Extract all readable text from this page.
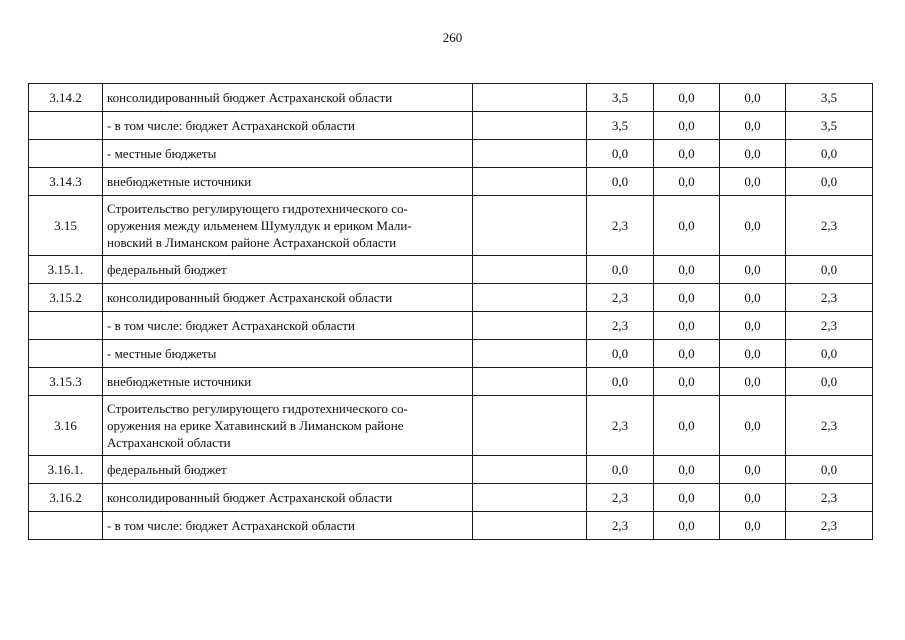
260
3.14.2	консолидированный бюджет Астраханской области		3,5	0,0	0,0	3,5

	- в том числе: бюджет Астраханской области		3,5	0,0	0,0	3,5

	- местные бюджеты		0,0	0,0	0,0	0,0
3.14.3	внебюджетные источники		0,0	0,0	0,0	0,0
3.15	Строительство регулирующего гидротехнического со-
оружения между ильменем Шумулдук и ериком Мали-
новский в Лиманском районе Астраханской области		2,3	0,0	0,0	2,3
3.15.1.	федеральный бюджет		0,0	0,0	0,0	0,0
3.15.2	консолидированный бюджет Астраханской области		2,3	0,0	0,0	2,3

	- в том числе: бюджет Астраханской области		2,3	0,0	0,0	2,3

	- местные бюджеты		0,0	0,0	0,0	0,0
3.15.3	внебюджетные источники		0,0	0,0	0,0	0,0
3.16	Строительство регулирующего гидротехнического со-
оружения на ерике Хатавинский в Лиманском районе
Астраханской области		2,3	0,0	0,0	2,3
3.16.1.	федеральный бюджет		0,0	0,0	0,0	0,0
3.16.2	консолидированный бюджет Астраханской области		2,3	0,0	0,0	2,3

	- в том числе: бюджет Астраханской области		2,3	0,0	0,0	2,3
